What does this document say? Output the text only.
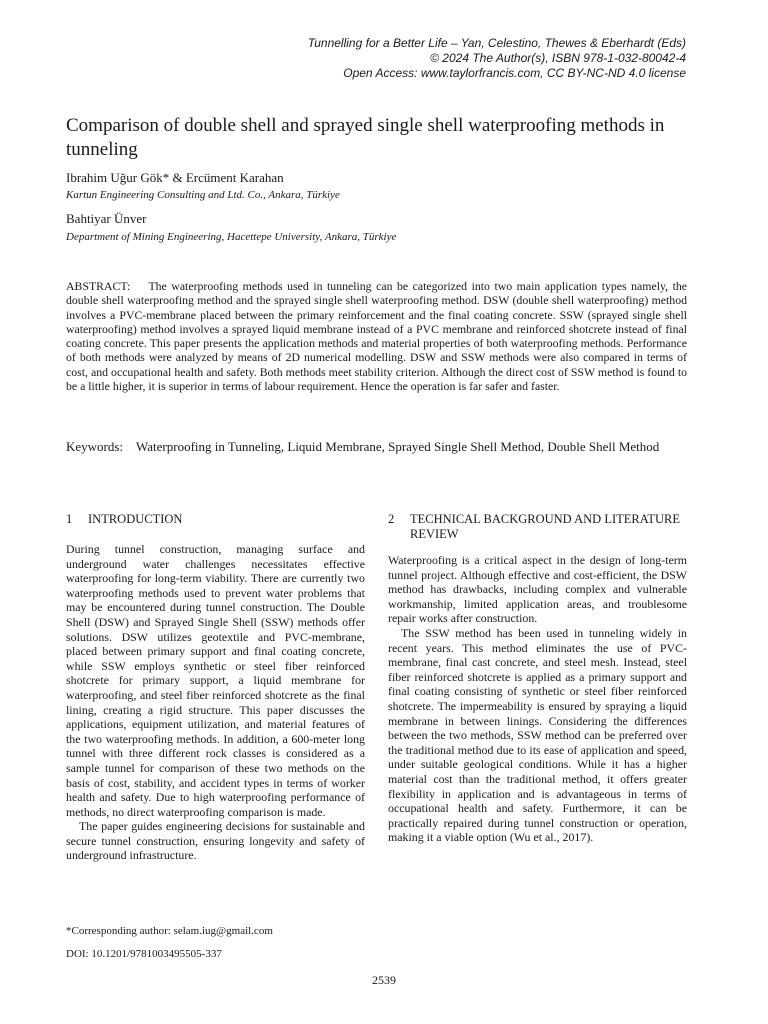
Tunnelling for a Better Life – Yan, Celestino, Thewes & Eberhardt (Eds)
© 2024 The Author(s), ISBN 978-1-032-80042-4
Open Access: www.taylorfrancis.com, CC BY-NC-ND 4.0 license
Comparison of double shell and sprayed single shell waterproofing methods in tunneling
Ibrahim Uğur Gök* & Ercüment Karahan
Kartun Engineering Consulting and Ltd. Co., Ankara, Türkiye
Bahtiyar Ünver
Department of Mining Engineering, Hacettepe University, Ankara, Türkiye

ABSTRACT: The waterproofing methods used in tunneling can be categorized into two main application types namely, the double shell waterproofing method and the sprayed single shell waterproofing method. DSW (double shell waterproofing) method involves a PVC-membrane placed between the primary reinforcement and the final coating concrete. SSW (sprayed single shell waterproofing) method involves a sprayed liquid membrane instead of a PVC membrane and reinforced shotcrete instead of final coating concrete. This paper presents the application methods and material properties of both waterproofing methods. Performance of both methods were analyzed by means of 2D numerical modelling. DSW and SSW methods were also compared in terms of cost, and occupational health and safety. Both methods meet stability criterion. Although the direct cost of SSW method is found to be a little higher, it is superior in terms of labour requirement. Hence the operation is far safer and faster.

Keywords: Waterproofing in Tunneling, Liquid Membrane, Sprayed Single Shell Method, Double Shell Method

1	INTRODUCTION

During tunnel construction, managing surface and underground water challenges necessitates effective waterproofing for long-term viability. There are currently two waterproofing methods used to prevent water problems that may be encountered during tunnel construction. The Double Shell (DSW) and Sprayed Single Shell (SSW) methods offer solutions. DSW utilizes geotextile and PVC-membrane, placed between primary support and final coating concrete, while SSW employs synthetic or steel fiber reinforced shotcrete for primary support, a liquid membrane for waterproofing, and steel fiber reinforced shotcrete as the final lining, creating a rigid structure. This paper discusses the applications, equipment utilization, and material features of the two waterproofing methods. In addition, a 600-meter long tunnel with three different rock classes is considered as a sample tunnel for comparison of these two methods on the basis of cost, stability, and accident types in terms of worker health and safety. Due to high waterproofing performance of methods, no direct waterproofing comparison is made.

The paper guides engineering decisions for sustainable and secure tunnel construction, ensuring longevity and safety of underground infrastructure.

2	TECHNICAL BACKGROUND AND LITERATURE REVIEW

Waterproofing is a critical aspect in the design of long-term tunnel project. Although effective and cost-efficient, the DSW method has drawbacks, including complex and vulnerable workmanship, limited application areas, and troublesome repair works after construction.

The SSW method has been used in tunneling widely in recent years. This method eliminates the use of PVC-membrane, final cast concrete, and steel mesh. Instead, steel fiber reinforced shotcrete is applied as a primary support and final coating consisting of synthetic or steel fiber reinforced shotcrete. The impermeability is ensured by spraying a liquid membrane in between linings. Considering the differences between the two methods, SSW method can be preferred over the traditional method due to its ease of application and speed, under suitable geological conditions. While it has a higher material cost than the traditional method, it offers greater flexibility in application and is advantageous in terms of occupational health and safety. Furthermore, it can be practically repaired during tunnel construction or operation, making it a viable option (Wu et al., 2017).

*Corresponding author: selam.iug@gmail.com
DOI: 10.1201/9781003495505-337
2539
